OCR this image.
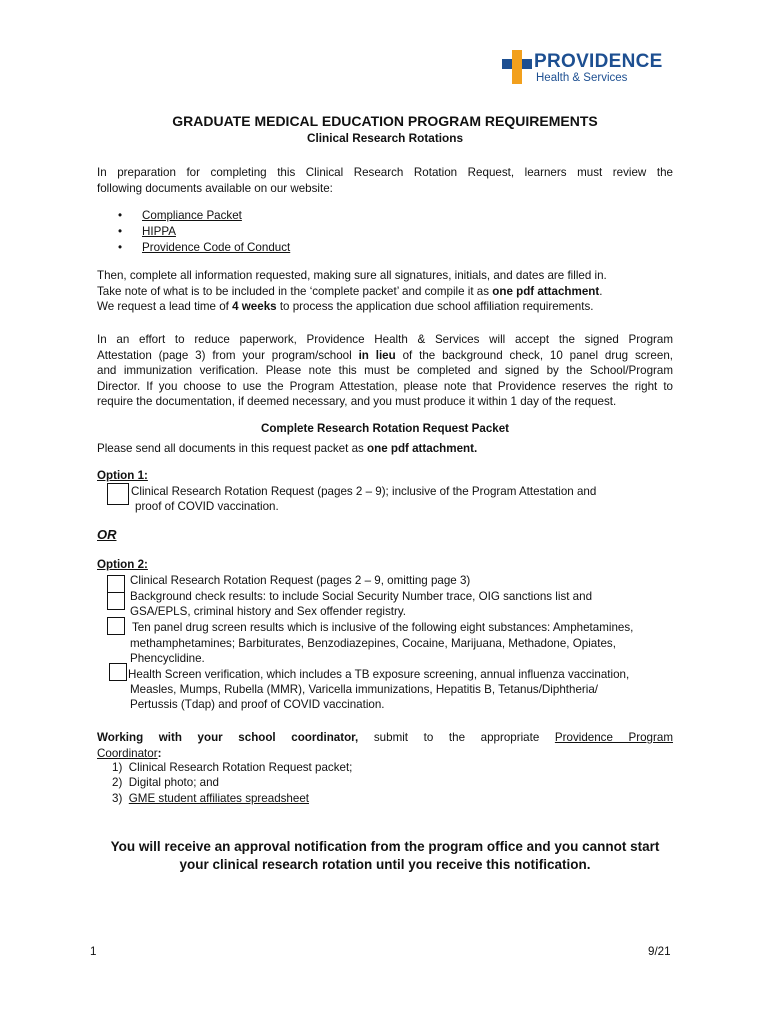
PROVIDENCE
Health & Services
GRADUATE MEDICAL EDUCATION PROGRAM REQUIREMENTS
Clinical Research Rotations
In preparation for completing this Clinical Research Rotation Request, learners must review the
following documents available on our website:
• Compliance Packet
• HIPPA
• Providence Code of Conduct
Then, complete all information requested, making sure all signatures, initials, and dates are filled in.
Take note of what is to be included in the ‘complete packet’ and compile it as one pdf attachment.
We request a lead time of 4 weeks to process the application due school affiliation requirements.
In an effort to reduce paperwork, Providence Health & Services will accept the signed Program
Attestation (page 3) from your program/school in lieu of the background check, 10 panel drug screen,
and immunization verification. Please note this must be completed and signed by the School/Program
Director. If you choose to use the Program Attestation, please note that Providence reserves the right to
require the documentation, if deemed necessary, and you must produce it within 1 day of the request.
Complete Research Rotation Request Packet
Please send all documents in this request packet as one pdf attachment.
Option 1:
Clinical Research Rotation Request (pages 2 – 9); inclusive of the Program Attestation and
proof of COVID vaccination.
OR
Option 2:
Clinical Research Rotation Request (pages 2 – 9, omitting page 3)
Background check results: to include Social Security Number trace, OIG sanctions list and
GSA/EPLS, criminal history and Sex offender registry.
Ten panel drug screen results which is inclusive of the following eight substances: Amphetamines,
methamphetamines; Barbiturates, Benzodiazepines, Cocaine, Marijuana, Methadone, Opiates,
Phencyclidine.
Health Screen verification, which includes a TB exposure screening, annual influenza vaccination,
Measles, Mumps, Rubella (MMR), Varicella immunizations, Hepatitis B, Tetanus/Diphtheria/
Pertussis (Tdap) and proof of COVID vaccination.
Working with your school coordinator, submit to the appropriate Providence Program
Coordinator:
1) Clinical Research Rotation Request packet;
2) Digital photo; and
3) GME student affiliates spreadsheet
You will receive an approval notification from the program office and you cannot start
your clinical research rotation until you receive this notification.
1	9/21
